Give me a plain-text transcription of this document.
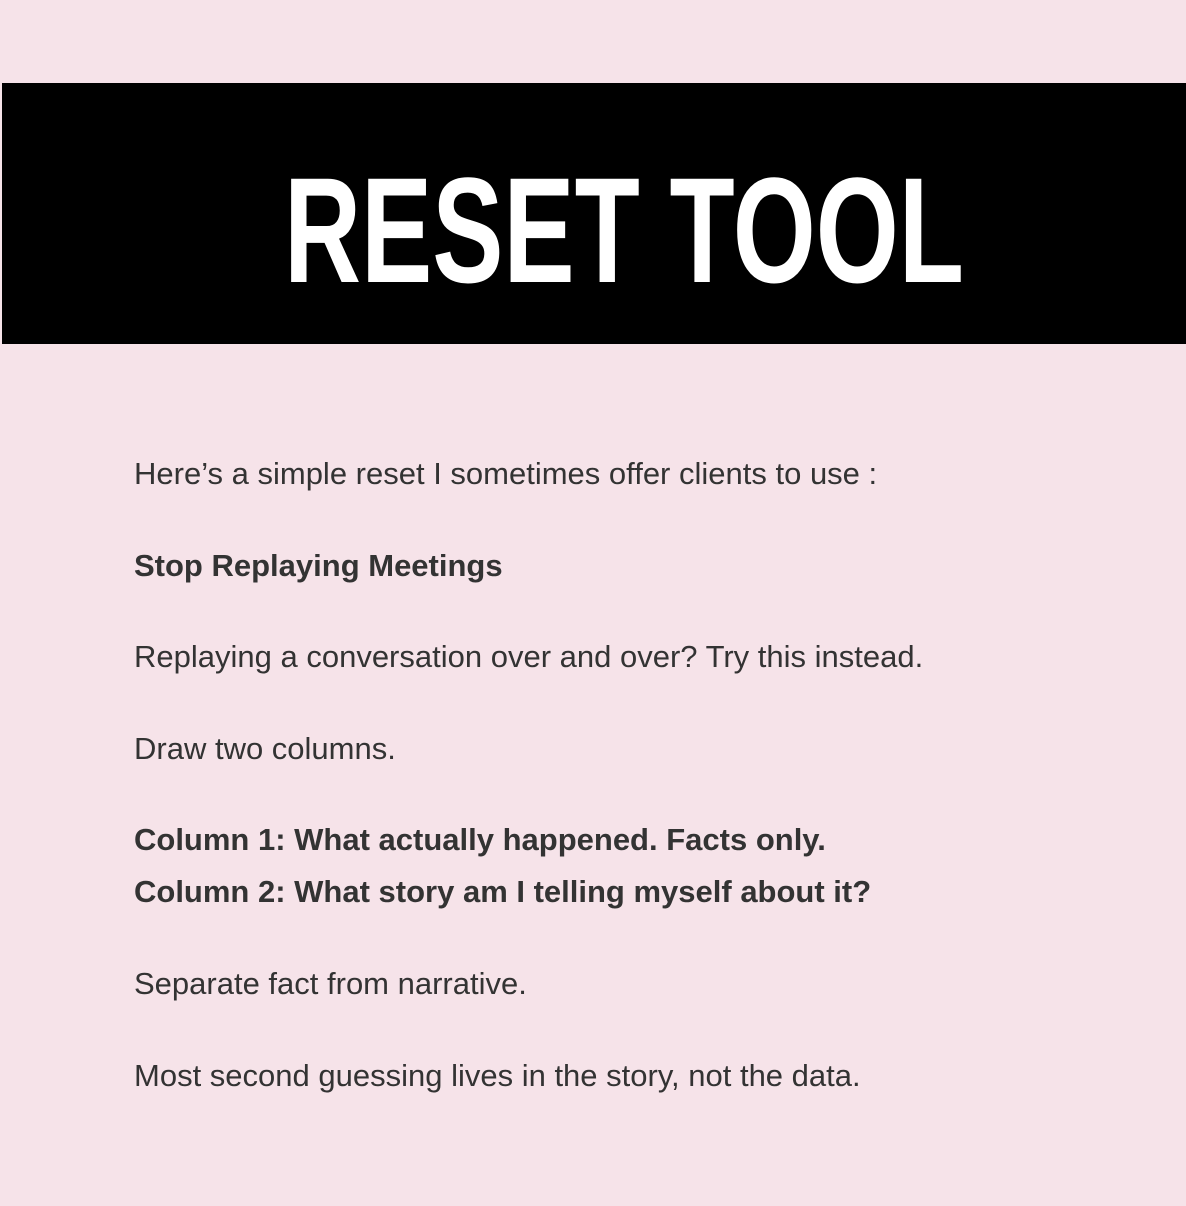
RESET TOOL
Here’s a simple reset I sometimes offer clients to use :
Stop Replaying Meetings
Replaying a conversation over and over? Try this instead.
Draw two columns.
Column 1: What actually happened. Facts only.
Column 2: What story am I telling myself about it?
Separate fact from narrative.
Most second guessing lives in the story, not the data.
